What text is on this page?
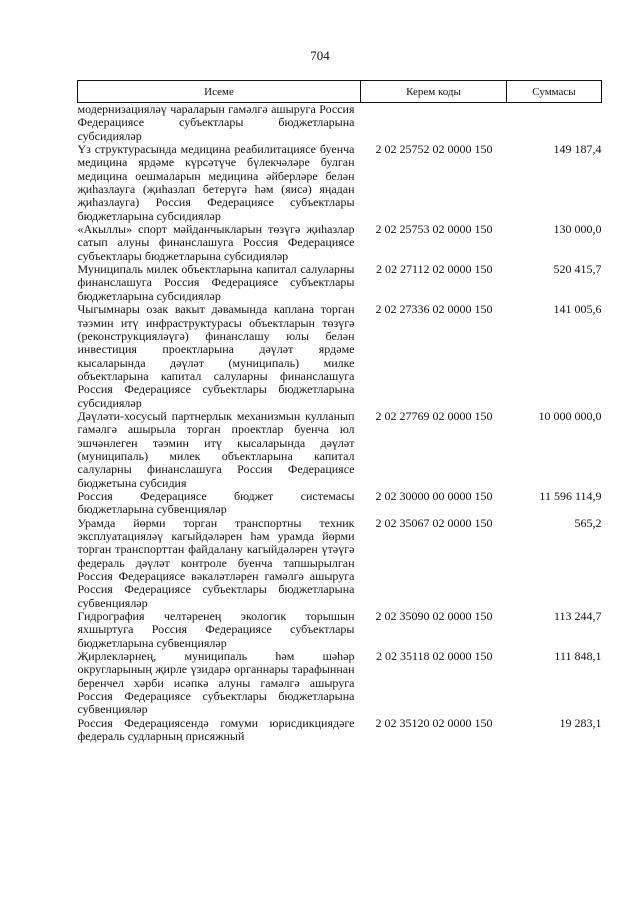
704
Исеме	Керем коды	Суммасы
модернизацияләү чараларын гамәлгә ашыруга Россия Федерациясе субъектлары бюджетларына субсидияләр		
Үз структурасында медицина реабилитациясе буенча медицина ярдәме күрсәтүче бүлекчәләре булган медицина оешмаларын медицина әйберләре белән җиһазлауга (җиһазлап бетерүгә һәм (яисә) яңадан җиһазлауга) Россия Федерациясе субъектлары бюджетларына субсидияләр	2 02 25752 02 0000 150	149 187,4
«Акыллы» спорт мәйданчыкларын төзүгә җиһазлар сатып алуны финанслашуга Россия Федерациясе субъектлары бюджетларына субсидияләр	2 02 25753 02 0000 150	130 000,0
Муниципаль милек объектларына капитал салуларны финанслашуга Россия Федерациясе субъектлары бюджетларына субсидияләр	2 02 27112 02 0000 150	520 415,7
Чыгымнары озак вакыт дәвамында каплана торган тәэмин итү инфраструктурасы объектларын төзүгә (реконструкцияләүгә) финанслашу юлы белән инвестиция проектларына дәүләт ярдәме кысаларында дәүләт (муниципаль) милке объектларына капитал салуларны финанслашуга Россия Федерациясе субъектлары бюджетларына субсидияләр	2 02 27336 02 0000 150	141 005,6
Дәүләти-хосусый партнерлык механизмын кулланып гамәлгә ашырыла торган проектлар буенча юл эшчәнлеген тәэмин итү кысаларында дәүләт (муниципаль) милек объектларына капитал салуларны финанслашуга Россия Федерациясе бюджетына субсидия	2 02 27769 02 0000 150	10 000 000,0
Россия Федерациясе бюджет системасы бюджетларына субвенцияләр	2 02 30000 00 0000 150	11 596 114,9
Урамда йөрми торган транспортны техник эксплуатацияләү кагыйдәләрен һәм урамда йөрми торган транспорттан файдалану кагыйдәләрен үтәүгә федераль дәүләт контроле буенча тапшырылган Россия Федерациясе вәкаләтләрен гамәлгә ашыруга Россия Федерациясе субъектлары бюджетларына субвенцияләр	2 02 35067 02 0000 150	565,2
Гидрография челтәренең экологик торышын яхшыртуга Россия Федерациясе субъектлары бюджетларына субвенцияләр	2 02 35090 02 0000 150	113 244,7
Җирлекләрнең, муниципаль һәм шәһәр округларының җирле үзидарә органнары тарафыннан беренчел хәрби исәпкә алуны гамәлгә ашыруга Россия Федерациясе субъектлары бюджетларына субвенцияләр	2 02 35118 02 0000 150	111 848,1
Россия Федерациясендә гомуми юрисдикциядәге федераль судларның присяжный	2 02 35120 02 0000 150	19 283,1
